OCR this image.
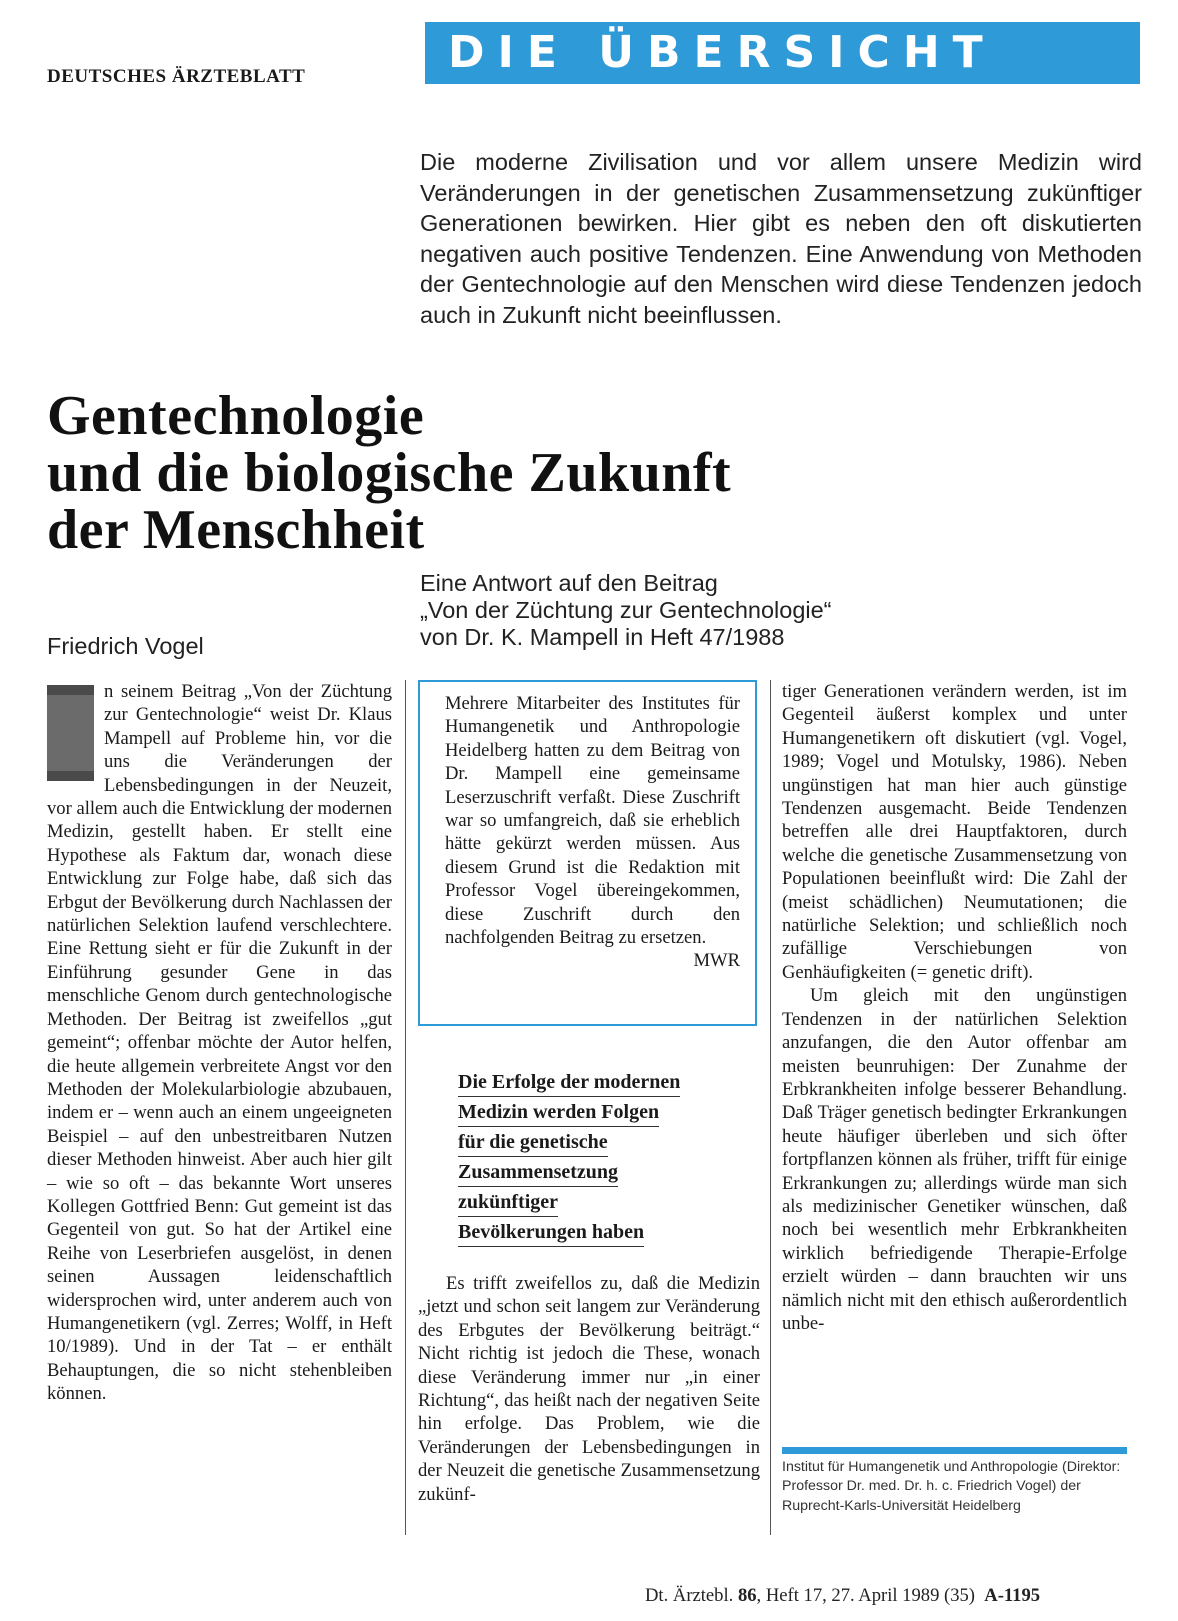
DEUTSCHES ÄRZTEBLATT	DIE ÜBERSICHT
Die moderne Zivilisation und vor allem unsere Medizin wird Veränderungen in der genetischen Zusammensetzung zukünftiger Generationen bewirken. Hier gibt es neben den oft diskutierten negativen auch positive Tendenzen. Eine Anwendung von Methoden der Gentechnologie auf den Menschen wird diese Tendenzen jedoch auch in Zukunft nicht beeinflussen.
Gentechnologie
und die biologische Zukunft
der Menschheit
Eine Antwort auf den Beitrag
„Von der Züchtung zur Gentechnologie“
von Dr. K. Mampell in Heft 47/1988
Friedrich Vogel

n seinem Beitrag „Von der Züchtung zur Gentechnologie“ weist Dr. Klaus Mampell auf Probleme hin, vor die uns die Veränderungen der Lebensbedingungen in der Neuzeit, vor allem auch die Entwicklung der modernen Medizin, gestellt haben. Er stellt eine Hypothese als Faktum dar, wonach diese Entwicklung zur Folge habe, daß sich das Erbgut der Bevölkerung durch Nachlassen der natürlichen Selektion laufend verschlechtere. Eine Rettung sieht er für die Zukunft in der Einführung gesunder Gene in das menschliche Genom durch gentechnologische Methoden. Der Beitrag ist zweifellos „gut gemeint“; offenbar möchte der Autor helfen, die heute allgemein verbreitete Angst vor den Methoden der Molekularbiologie abzubauen, indem er – wenn auch an einem ungeeigneten Beispiel – auf den unbestreitbaren Nutzen dieser Methoden hinweist. Aber auch hier gilt – wie so oft – das bekannte Wort unseres Kollegen Gottfried Benn: Gut gemeint ist das Gegenteil von gut. So hat der Artikel eine Reihe von Leserbriefen ausgelöst, in denen seinen Aussagen leidenschaftlich widersprochen wird, unter anderem auch von Humangenetikern (vgl. Zerres; Wolff, in Heft 10/1989). Und in der Tat – er enthält Behauptungen, die so nicht stehenbleiben können.

Mehrere Mitarbeiter des Institutes für Humangenetik und Anthropologie Heidelberg hatten zu dem Beitrag von Dr. Mampell eine gemeinsame Leserzuschrift verfaßt. Diese Zuschrift war so umfangreich, daß sie erheblich hätte gekürzt werden müssen. Aus diesem Grund ist die Redaktion mit Professor Vogel übereingekommen, diese Zuschrift durch den nachfolgenden Beitrag zu ersetzen.

MWR
Die Erfolge der modernen
Medizin werden Folgen
für die genetische
Zusammensetzung
zukünftiger
Bevölkerungen haben

Es trifft zweifellos zu, daß die Medizin „jetzt und schon seit langem zur Veränderung des Erbgutes der Bevölkerung beiträgt.“ Nicht richtig ist jedoch die These, wonach diese Veränderung immer nur „in einer Richtung“, das heißt nach der negativen Seite hin erfolge. Das Problem, wie die Veränderungen der Lebensbedingungen in der Neuzeit die genetische Zusammensetzung zukünf-

tiger Generationen verändern werden, ist im Gegenteil äußerst komplex und unter Humangenetikern oft diskutiert (vgl. Vogel, 1989; Vogel und Motulsky, 1986). Neben ungünstigen hat man hier auch günstige Tendenzen ausgemacht. Beide Tendenzen betreffen alle drei Hauptfaktoren, durch welche die genetische Zusammensetzung von Populationen beeinflußt wird: Die Zahl der (meist schädlichen) Neumutationen; die natürliche Selektion; und schließlich noch zufällige Verschiebungen von Genhäufigkeiten (= genetic drift).

Um gleich mit den ungünstigen Tendenzen in der natürlichen Selektion anzufangen, die den Autor offenbar am meisten beunruhigen: Der Zunahme der Erbkrankheiten infolge besserer Behandlung. Daß Träger genetisch bedingter Erkrankungen heute häufiger überleben und sich öfter fortpflanzen können als früher, trifft für einige Erkrankungen zu; allerdings würde man sich als medizinischer Genetiker wünschen, daß noch bei wesentlich mehr Erbkrankheiten wirklich befriedigende Therapie-Erfolge erzielt würden – dann brauchten wir uns nämlich nicht mit den ethisch außerordentlich unbe-

Institut für Humangenetik und Anthropologie (Direktor: Professor Dr. med. Dr. h. c. Friedrich Vogel) der Ruprecht-Karls-Universität Heidelberg
Dt. Ärztebl. 86, Heft 17, 27. April 1989 (35) A-1195
